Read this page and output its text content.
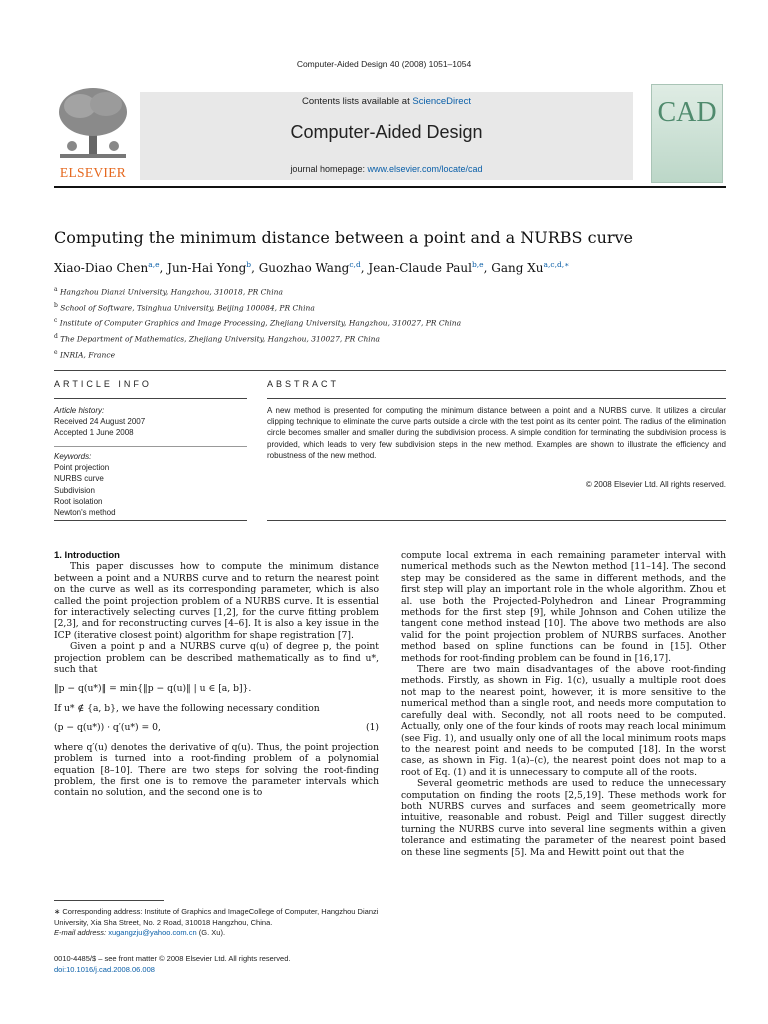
Computer-Aided Design 40 (2008) 1051–1054
ELSEVIER
Contents lists available at ScienceDirect
Computer-Aided Design
journal homepage: www.elsevier.com/locate/cad
CAD
Computing the minimum distance between a point and a NURBS curve
Xiao-Diao Chen$^{a,e}$, Jun-Hai Yong$^b$, Guozhao Wang$^{c,d}$, Jean-Claude Paul$^{b,e}$, Gang $Xu^{a,c,d,∗}$
$^a$ Hangzhou Dianzi University, Hangzhou, 310018, PR China
$^b$ School of Software, Tsinghua University, Beijing 100084, PR China
$^c$ Institute of Computer Graphics and Image Processing, Zhejiang University, Hangzhou, 310027, PR China
$^d$ The Department of Mathematics, Zhejiang University, Hangzhou, 310027, PR China
$^e$ INRIA, France
ARTICLE INFO	ABSTRACT
Article history:
Received 24 August 2007
Accepted 1 June 2008
Keywords:
Point projection
NURBS curve
Subdivision
Root isolation
Newton's method
A new method is presented for computing the minimum distance between a point and a NURBS curve. It utilizes a circular clipping technique to eliminate the curve parts outside a circle with the test point as its center point. The radius of the elimination circle becomes smaller and smaller during the subdivision process. A simple condition for terminating the subdivision process is provided, which leads to very few subdivision steps in the new method. Examples are shown to illustrate the efficiency and robustness of the new method.
© 2008 Elsevier Ltd. All rights reserved.

1. Introduction

This paper discusses how to compute the minimum distance between a point and a NURBS curve and to return the nearest point on the curve as well as its corresponding parameter, which is also called the point projection problem of a NURBS curve. It is essential for interactively selecting curves [1,2], for the curve fitting problem [2,3], and for reconstructing curves [4–6]. It is also a key issue in the ICP (iterative closest point) algorithm for shape registration [7].

Given a point p and a NURBS curve q(u) of degree p, the point projection problem can be described mathematically as to find u*, such that

‖p − q(u*)‖ = min{‖p − q(u)‖ | u ∈ [a, b]}.

If u* ∉ {a, b}, we have the following necessary condition

(p − q(u*)) · q′(u*) = 0,	(1)

where q′(u) denotes the derivative of q(u). Thus, the point projection problem is turned into a root-finding problem of a polynomial equation [8–10]. There are two steps for solving the root-finding problem, the first one is to remove the parameter intervals which contain no solution, and the second one is to

compute local extrema in each remaining parameter interval with numerical methods such as the Newton method [11–14]. The second step may be considered as the same in different methods, and the first step will play an important role in the whole algorithm. Zhou et al. use both the Projected-Polyhedron and Linear Programming methods for the first step [9], while Johnson and Cohen utilize the tangent cone method instead [10]. The above two methods are also valid for the point projection problem of NURBS surfaces. Another method based on spline functions can be found in [15]. Other methods for root-finding problem can be found in [16,17].

There are two main disadvantages of the above root-finding methods. Firstly, as shown in Fig. 1(c), usually a multiple root does not map to the nearest point, however, it is more sensitive to the numerical method than a single root, and needs more computation to carefully deal with. Secondly, not all roots need to be computed. Actually, only one of the four kinds of roots may reach local minimum (see Fig. 1), and usually only one of all the local minimum roots maps to the nearest point and needs to be computed [18]. In the worst case, as shown in Fig. 1(a)–(c), the nearest point does not map to a root of Eq. (1) and it is unnecessary to compute all of the roots.

Several geometric methods are used to reduce the unnecessary computation on finding the roots [2,5,19]. These methods work for both NURBS curves and surfaces and seem geometrically more intuitive, reasonable and robust. Peigl and Tiller suggest directly turning the NURBS curve into several line segments within a given tolerance and estimating the parameter of the nearest point based on these line segments [5]. Ma and Hewitt point out that the

∗ Corresponding address: Institute of Graphics and ImageCollege of Computer, Hangzhou Dianzi University, Xia Sha Street, No. 2 Road, 310018 Hangzhou, China.
E-mail address: xugangzju@yahoo.com.cn (G. Xu).
0010-4485/$ – see front matter © 2008 Elsevier Ltd. All rights reserved.
doi:10.1016/j.cad.2008.06.008
